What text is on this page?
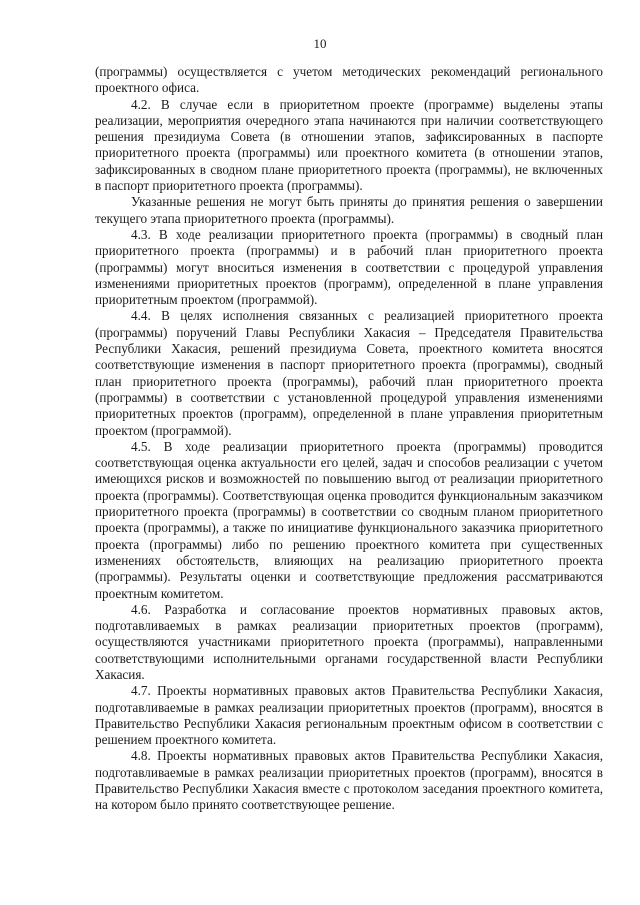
10

(программы) осуществляется с учетом методических рекомендаций регионального проектного офиса.

4.2. В случае если в приоритетном проекте (программе) выделены этапы реализации, мероприятия очередного этапа начинаются при наличии соответствующего решения президиума Совета (в отношении этапов, зафиксированных в паспорте приоритетного проекта (программы) или проектного комитета (в отношении этапов, зафиксированных в сводном плане приоритетного проекта (программы), не включенных в паспорт приоритетного проекта (программы).

Указанные решения не могут быть приняты до принятия решения о завершении текущего этапа приоритетного проекта (программы).

4.3. В ходе реализации приоритетного проекта (программы) в сводный план приоритетного проекта (программы) и в рабочий план приоритетного проекта (программы) могут вноситься изменения в соответствии с процедурой управления изменениями приоритетных проектов (программ), определенной в плане управления приоритетным проектом (программой).

4.4. В целях исполнения связанных с реализацией приоритетного проекта (программы) поручений Главы Республики Хакасия – Председателя Правительства Республики Хакасия, решений президиума Совета, проектного комитета вносятся соответствующие изменения в паспорт приоритетного проекта (программы), сводный план приоритетного проекта (программы), рабочий план приоритетного проекта (программы) в соответствии с установленной процедурой управления изменениями приоритетных проектов (программ), определенной в плане управления приоритетным проектом (программой).

4.5. В ходе реализации приоритетного проекта (программы) проводится соответствующая оценка актуальности его целей, задач и способов реализации с учетом имеющихся рисков и возможностей по повышению выгод от реализации приоритетного проекта (программы). Соответствующая оценка проводится функциональным заказчиком приоритетного проекта (программы) в соответствии со сводным планом приоритетного проекта (программы), а также по инициативе функционального заказчика приоритетного проекта (программы) либо по решению проектного комитета при существенных изменениях обстоятельств, влияющих на реализацию приоритетного проекта (программы). Результаты оценки и соответствующие предложения рассматриваются проектным комитетом.

4.6. Разработка и согласование проектов нормативных правовых актов, подготавливаемых в рамках реализации приоритетных проектов (программ), осуществляются участниками приоритетного проекта (программы), направленными соответствующими исполнительными органами государственной власти Республики Хакасия.

4.7. Проекты нормативных правовых актов Правительства Республики Хакасия, подготавливаемые в рамках реализации приоритетных проектов (программ), вносятся в Правительство Республики Хакасия региональным проектным офисом в соответствии с решением проектного комитета.

4.8. Проекты нормативных правовых актов Правительства Республики Хакасия, подготавливаемые в рамках реализации приоритетных проектов (программ), вносятся в Правительство Республики Хакасия вместе с протоколом заседания проектного комитета, на котором было принято соответствующее решение.
